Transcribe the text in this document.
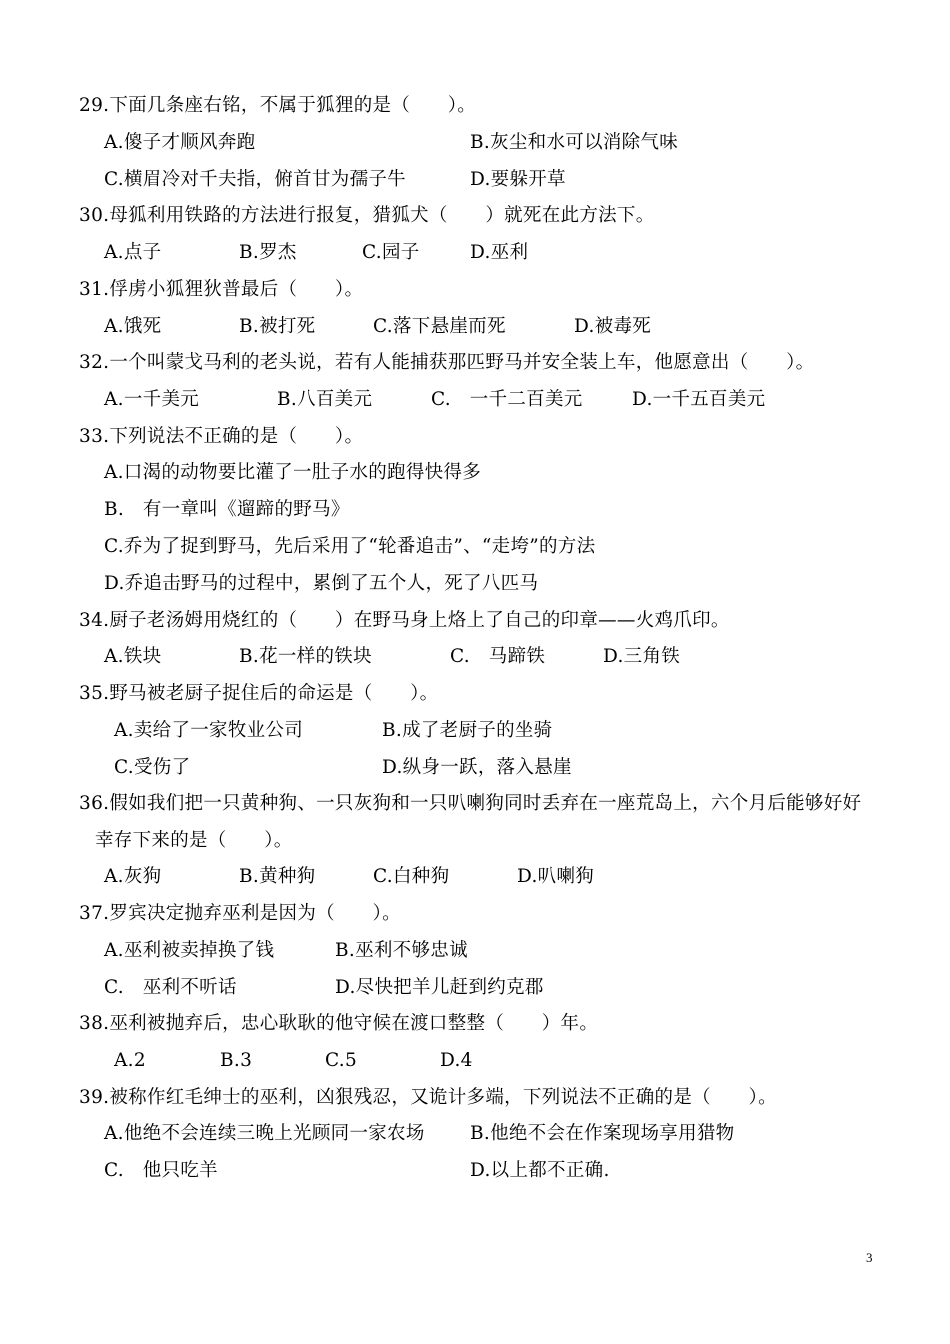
29.下面几条座右铭，不属于狐狸的是（　　）。
A.傻子才顺风奔跑	B.灰尘和水可以消除气味
C.横眉冷对千夫指，俯首甘为孺子牛	D.要躲开草
30.母狐利用铁路的方法进行报复，猎狐犬（　　）就死在此方法下。
A.点子	B.罗杰	C.园子	D.巫利
31.俘虏小狐狸狄普最后（　　）。
A.饿死	B.被打死	C.落下悬崖而死	D.被毒死
32.一个叫蒙戈马利的老头说，若有人能捕获那匹野马并安全装上车，他愿意出（　　）。
A.一千美元	B.八百美元	C.　一千二百美元	D.一千五百美元
33.下列说法不正确的是（　　）。
A.口渴的动物要比灌了一肚子水的跑得快得多
B.　有一章叫《遛蹄的野马》
C.乔为了捉到野马，先后采用了“轮番追击”、“走垮”的方法
D.乔追击野马的过程中，累倒了五个人，死了八匹马
34.厨子老汤姆用烧红的（　　）在野马身上烙上了自己的印章——火鸡爪印。
A.铁块	B.花一样的铁块	C.　马蹄铁	D.三角铁
35.野马被老厨子捉住后的命运是（　　）。
A.卖给了一家牧业公司	B.成了老厨子的坐骑
C.受伤了	D.纵身一跃，落入悬崖
36.假如我们把一只黄种狗、一只灰狗和一只叭喇狗同时丢弃在一座荒岛上，六个月后能够好好
幸存下来的是（　　）。
A.灰狗	B.黄种狗	C.白种狗	D.叭喇狗
37.罗宾决定抛弃巫利是因为（　　）。
A.巫利被卖掉换了钱	B.巫利不够忠诚
C.　巫利不听话	D.尽快把羊儿赶到约克郡
38.巫利被抛弃后，忠心耿耿的他守候在渡口整整（　　）年。
A.2	B.3	C.5	D.4
39.被称作红毛绅士的巫利，凶狠残忍，又诡计多端，下列说法不正确的是（　　）。
A.他绝不会连续三晚上光顾同一家农场 B.他绝不会在作案现场享用猎物
C.　他只吃羊	D.以上都不正确.
3
